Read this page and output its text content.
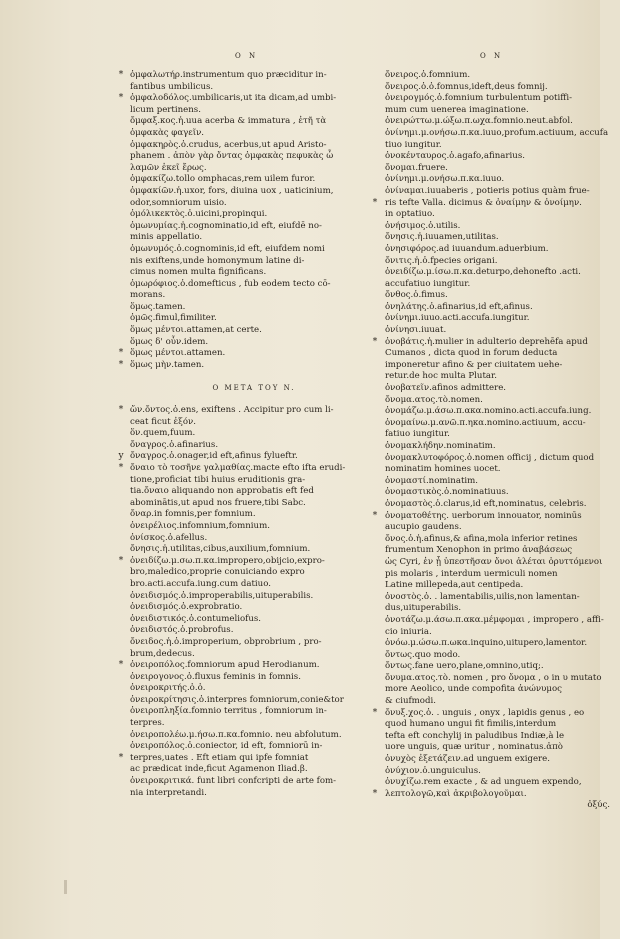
O N	O N
* ὀμφαλωτήρ.instrumentum quo præciditur in-
fantibus umbilicus.
* ὀμφαλοδόλος.umbilicaris,ut ita dicam,ad umbi-
licum pertinens.
ὄμφαξ.κος.ἡ.uua acerba & immatura , ἐτῆ τὰ
ὀμφακὰς φαγεῖν.
ὀμφακηρὸς.ὁ.crudus, acerbus,ut apud Aristo-
phanem . ἀπὸν γὰρ ὄντας ὀμφακὰς πεφυκὰς ὦ
λαμῶν ἐκεῖ ἔρως.
ὀμφακίζω.tollo omphacas,rem uilem furor.
ὀμφακίῶν.ἡ.uxor, fors, diuina uox , uaticinium,
odor,somniorum uisio.
ὀμόλικεκτὸς.ὁ.uicini,propinqui.
ὀμωνυμίας.ἡ.cognominatio,id eft, eiufdē no-
minis appellatio.
ὀμωνυμός.ὁ.cognominis,id eft, eiufdem nomi
nis exiftens,unde homonymum latine di-
cimus nomen multa fignificans.
ὀμωρόφιος.ὁ.domefticus , fub eodem tecto cō-
morans.
ὅμως.tamen.
ὁμῶς.fimul,fimiliter.
ὅμως μέντοι.attamen,at certe.
ὅμως δ' οὖν.idem.
* ὅμως μέντοι.attamen.
* ὅμως μὴν.tamen.
O META TOY N.
* ὤν.ὄντος.ὁ.ens, exiftens . Accipitur pro cum li-
ceat ficut ἐξόν.
ὅν.quem,fuum.
ὄναγρος.ὁ.afinarius.
y ὄναγρος.ὁ.onager,id eft,afinus fylueftr.
* ὄναιο τὸ τοσῆνε γαλμαθίας.macte efto ifta erudi-
tione,proficiat tibi huius eruditionis gra-
tia.ὄναιο aliquando non approbatis eft fed
abominātis,ut apud nos fruere,tibi Sabc.
ὄναρ.in fomnis,per fomnium.
ὀνειρέλιος.infomnium,fomnium.
ὀνίσκος.ὁ.afellus.
ὄνησις.ἡ.utilitas,cibus,auxilium,fomnium.
* ὀνειδίζω.μ.σω.π.κα.impropero,obijcio,expro-
bro,maledico,proprie conuiciando expro
bro.acti.accufa.iung.cum datiuo.
ὀνειδισμός.ὁ.improperabilis,uituperabilis.
ὀνειδισμός.ὁ.exprobratio.
ὀνειδιστικός.ὁ.contumeliofus.
ὀνειδιστός.ὁ.probrofus.
ὄνειδος.ἡ.ὁ.improperium, obprobrium , pro-
brum,dedecus.
* ὀνειροπόλος.fomniorum apud Herodianum.
ὀνειρογονος.ὁ.fluxus feminis in fomnis.
ὀνειροκριτής.ὁ.ὁ.
ὀνειροκρίτησις.ὁ.interpres fomniorum,conie&tor
ὀνειροπληξία.fomnio territus , fomniorum in-
terpres.
ὀνειροπολέω.μ.ήσω.π.κα.fomnio. neu abfolutum.
ὀνειροπόλος.ὁ.coniector, id eft, fomniorū in-
* terpres,uates . Eft etiam qui ipfe fomniat
ac prædicat inde,ficut Agamenon Iliad.β.
ὀνειροκριτικά. funt libri confcripti de arte fom-
nia interpretandi.
ὄνειρος.ὁ.fomnium.
ὄνειρος.ὁ.ὁ.fomnus,ideft,deus fomnij.
ὀνειρογμός.ὁ.fomnium turbulentum potiffi-
mum cum uenerea imaginatione.
ὀνειρώττω.μ.ώξω.π.ωχα.fomnio.neut.abfol.
ὀνίνημι.μ.ονήσω.π.κα.iuuo,profum.actiuum, accufa
tiuo iungitur.
ὀνοκένταυρος.ὁ.agafo,afinarius.
ὄνομαι.fruere.
ὀνίνημι.μ.ονήσω.π.κα.iuuo.
ὀνίναμαι.iuuaberis , potieris potius quàm frue-
* ris tefte Valla. dicimus & ὀναίμην & ὀνοίμην.
in optatiuo.
ὀνήσιμος.ὁ.utilis.
ὄνησις.ἡ.iuuamen,utilitas.
ὀνησιφόρος.ad iuuandum.aduerbium.
ὄνιτις.ἡ.ὁ.fpecies origani.
ὀνειδίζω.μ.ίσω.π.κα.deturpo,dehonefto .acti.
accufatiuo iungitur.
ὄνθος.ὁ.fimus.
ὀνηλάτης.ὁ.afinarius,id eft,afinus.
ὀνίνημι.iuuo.acti.accufa.iungitur.
ὀνίνησι.iuuat.
* ὀνοβάτις.ἡ.mulier in adulterio deprehēfa apud
Cumanos , dicta quod in forum deducta
imponeretur afino & per ciuitatem uehe-
retur.de hoc multa Plutar.
ὀνοβατεῖν.afinos admittere.
ὄνομα.ατος.τὸ.nomen.
ὀνομάζω.μ.άσω.π.ακα.nomino.acti.accufa.iung.
ὀνομαίνω.μ.ανῶ.π.ηκα.nomino.actiuum, accu-
fatiuo iungitur.
ὀνομακλήδην.nominatim.
ὀνομακλυτοφόρος.ὁ.nomen officij , dictum quod
nominatim homines uocet.
ὀνομαστί.nominatim.
ὀνομαστικὸς.ὁ.nominatiuus.
ὀνομαστὸς.ὁ.clarus,id eft,nominatus, celebris.
* ὀνοματοθέτης. uerborum innouator, nominūs
aucupio gaudens.
ὄνος.ὁ.ἡ.afinus,& afina,mola inferior retines
frumentum Xenophon in primo ἀναβάσεως
ὡς Cyri, ἐν ᾗ ὑπεστῆσαν ὄνοι ἀλέται ὀρυττόμενοι
pis molaris , interdum uermiculi nomen
Latine millepeda,aut centipeda.
ὀνοστὸς.ὁ. . lamentabilis,uilis,non lamentan-
dus,uituperabilis.
ὀνοτάζω.μ.άσω.π.ακα.μέμφομαι , impropero , affi-
cio iniuria.
ὀνόω.μ.ώσω.π.ωκα.inquino,uitupero,lamentor.
ὄντως.quo modo.
ὄντως.fane uero,plane,omnino,utiq;.
ὄνυμα.ατος.τὸ. nomen , pro ὄνομα , o in υ mutato
more Aeolico, unde compofita ἀνώνυμος
& ciufmodi.
* ὄνυξ.χος.ὁ. . unguis , onyx , lapidis genus , eo
quod humano ungui fit fimilis,interdum
tefta eft conchylij in paludibus Indiæ,à le
uore unguis, quæ uritur , nominatus.ἀπὸ
ὀνυχὸς ἐξετάζειν.ad unguem exigere.
ὀνύχιον.ὁ.unguiculus.
ὀνυχίζω.rem exacte , & ad unguem expendo,
* λεπτολογῶ,καὶ ἀκριβολογοῦμαι.
ὀξύς.
